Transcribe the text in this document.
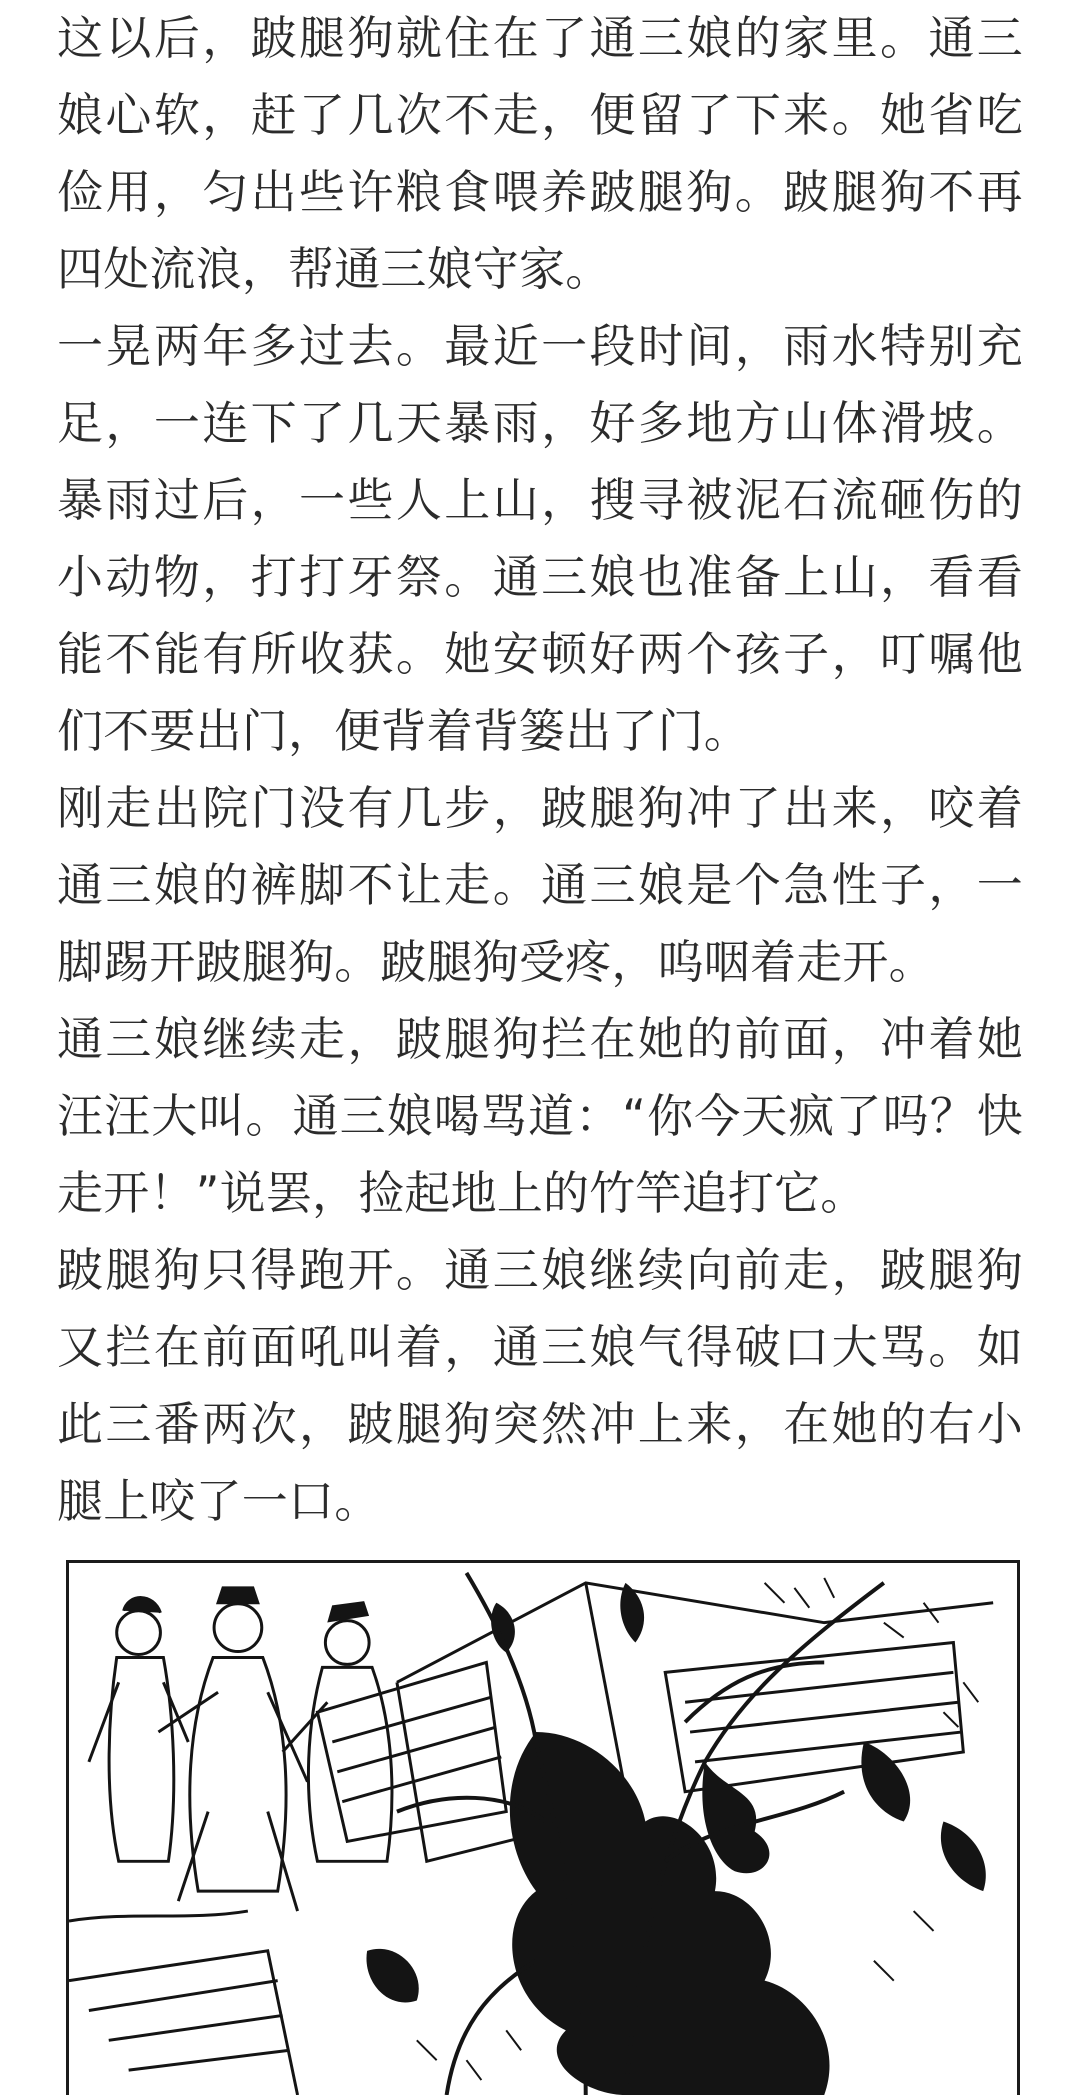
这以后，跛腿狗就住在了通三娘的家里。通三娘心软，赶了几次不走，便留了下来。她省吃俭用，匀出些许粮食喂养跛腿狗。跛腿狗不再四处流浪，帮通三娘守家。

一晃两年多过去。最近一段时间，雨水特别充足，一连下了几天暴雨，好多地方山体滑坡。暴雨过后，一些人上山，搜寻被泥石流砸伤的小动物，打打牙祭。通三娘也准备上山，看看能不能有所收获。她安顿好两个孩子，叮嘱他们不要出门，便背着背篓出了门。

刚走出院门没有几步，跛腿狗冲了出来，咬着通三娘的裤脚不让走。通三娘是个急性子，一脚踢开跛腿狗。跛腿狗受疼，呜咽着走开。

通三娘继续走，跛腿狗拦在她的前面，冲着她汪汪大叫。通三娘喝骂道：“你今天疯了吗？快走开！”说罢，捡起地上的竹竿追打它。

跛腿狗只得跑开。通三娘继续向前走，跛腿狗又拦在前面吼叫着，通三娘气得破口大骂。如此三番两次，跛腿狗突然冲上来，在她的右小腿上咬了一口。
